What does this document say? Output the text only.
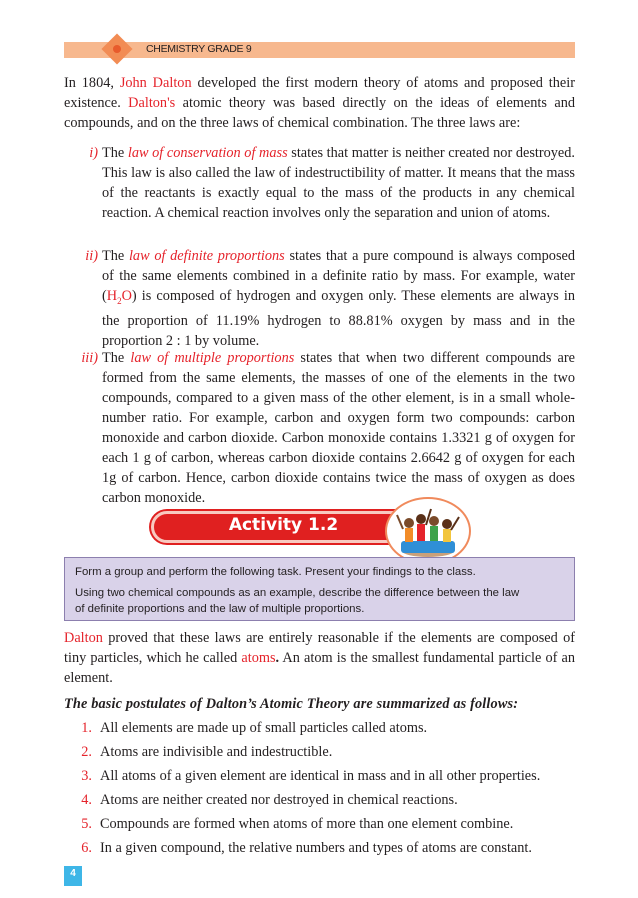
CHEMISTRY GRADE 9
In 1804, John Dalton developed the first modern theory of atoms and proposed their existence. Dalton's atomic theory was based directly on the ideas of elements and compounds, and on the three laws of chemical combination. The three laws are:
i) The law of conservation of mass states that matter is neither created nor destroyed. This law is also called the law of indestructibility of matter. It means that the mass of the reactants is exactly equal to the mass of the products in any chemical reaction. A chemical reaction involves only the separation and union of atoms.
ii) The law of definite proportions states that a pure compound is always composed of the same elements combined in a definite ratio by mass. For example, water $(H_2O)$ is composed of hydrogen and oxygen only. These elements are always in the proportion of 11.19% hydrogen to 88.81% oxygen by mass and in the proportion 2 : 1 by volume.
iii) The law of multiple proportions states that when two different compounds are formed from the same elements, the masses of one of the elements in the two compounds, compared to a given mass of the other element, is in a small whole-number ratio. For example, carbon and oxygen form two compounds: carbon monoxide and carbon dioxide. Carbon monoxide contains 1.3321 g of oxygen for each 1 g of carbon, whereas carbon dioxide contains 2.6642 g of oxygen for each 1g of carbon. Hence, carbon dioxide contains twice the mass of oxygen as does carbon monoxide.
Activity 1.2
Form a group and perform the following task. Present your findings to the class.
Using two chemical compounds as an example, describe the difference between the law
of definite proportions and the law of multiple proportions.
Dalton proved that these laws are entirely reasonable if the elements are composed of tiny particles, which he called atoms. An atom is the smallest fundamental particle of an element.
The basic postulates of Dalton’s Atomic Theory are summarized as follows:
1. All elements are made up of small particles called atoms.
2. Atoms are indivisible and indestructible.
3. All atoms of a given element are identical in mass and in all other properties.
4. Atoms are neither created nor destroyed in chemical reactions.
5. Compounds are formed when atoms of more than one element combine.
6. In a given compound, the relative numbers and types of atoms are constant.
4
